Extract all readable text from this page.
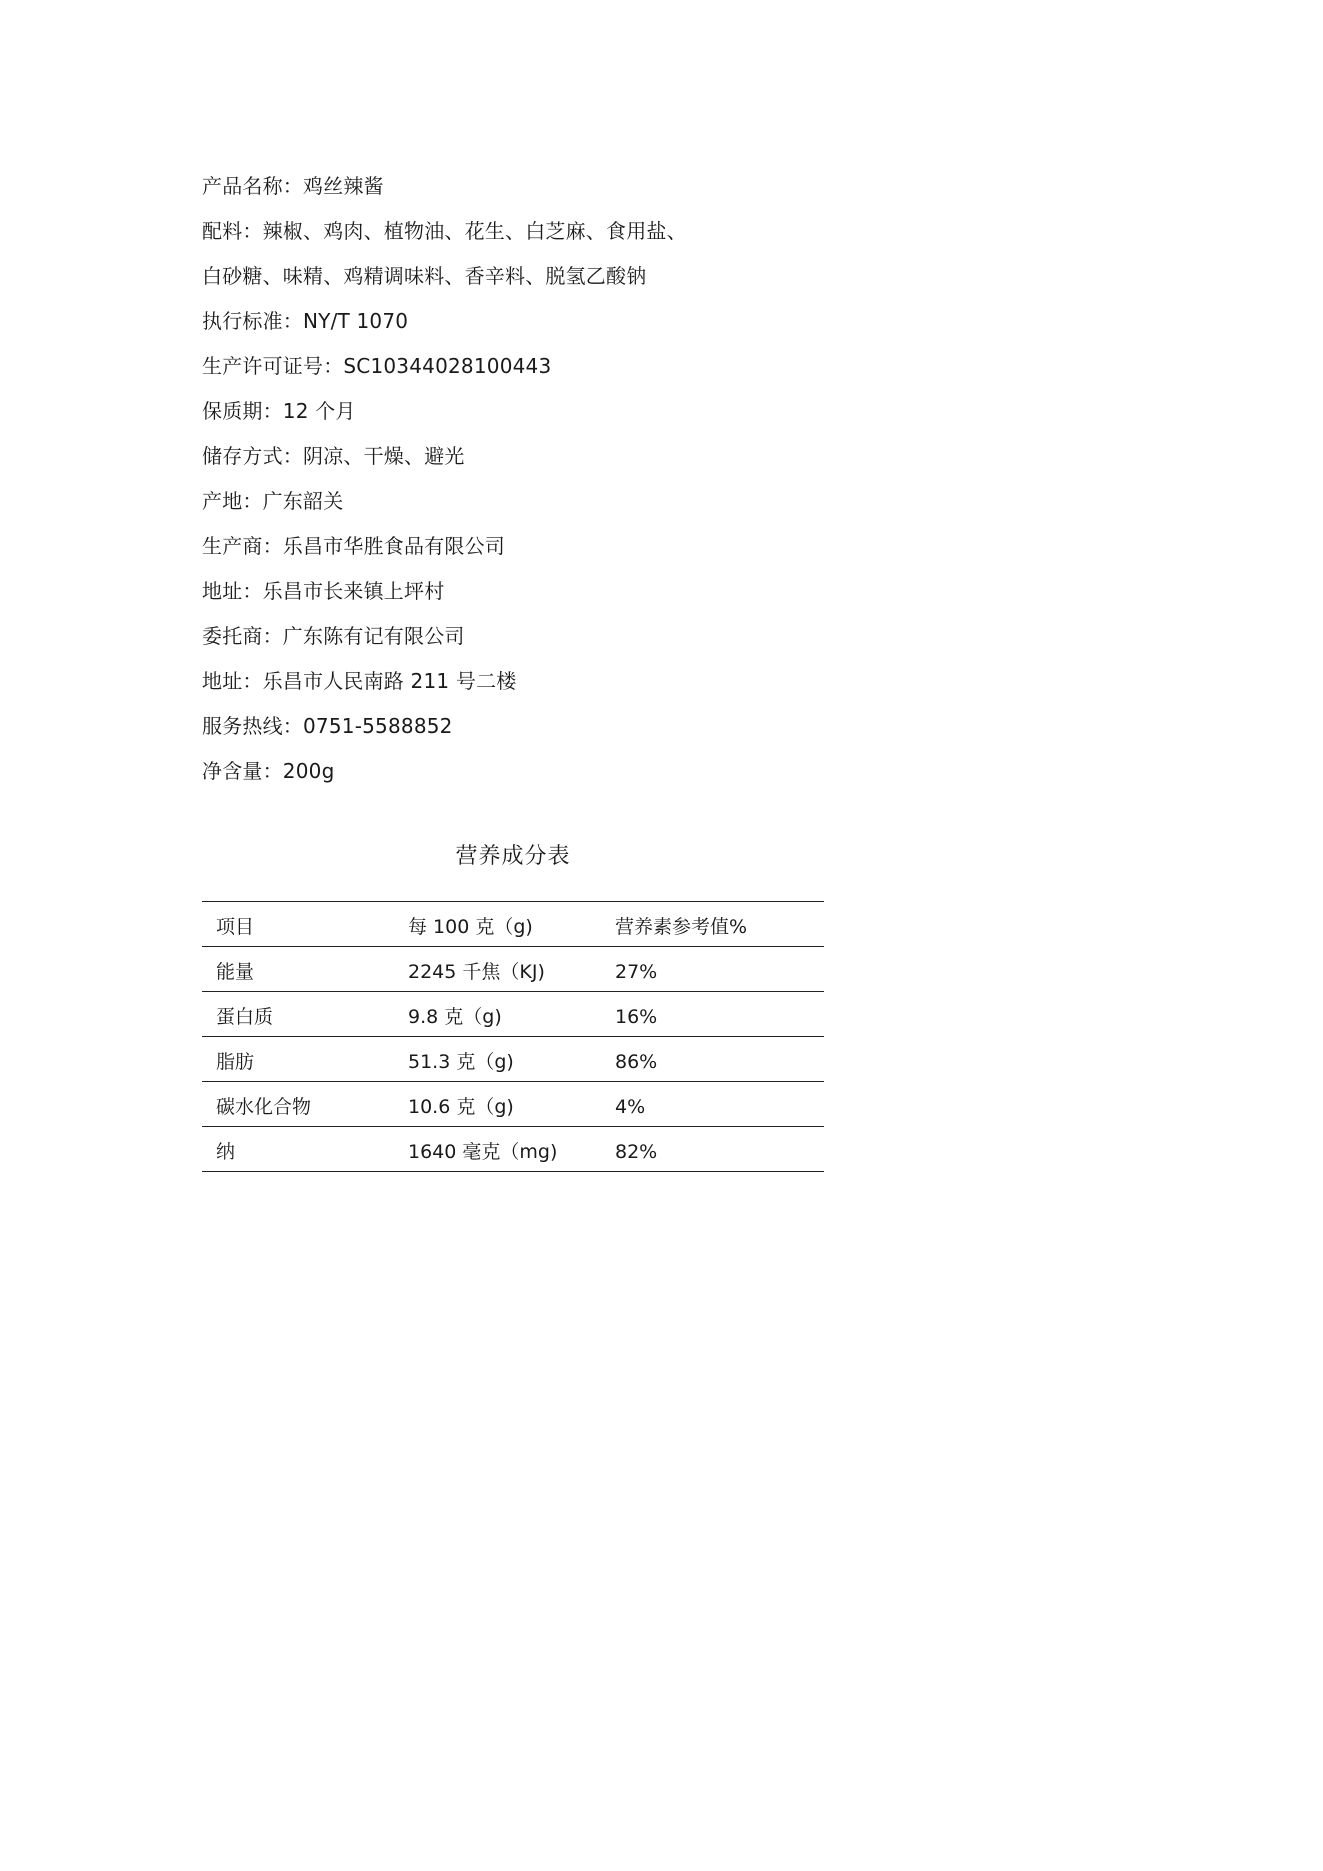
产品名称：鸡丝辣酱
配料：辣椒、鸡肉、植物油、花生、白芝麻、食用盐、
白砂糖、味精、鸡精调味料、香辛料、脱氢乙酸钠
执行标准：NY/T 1070
生产许可证号：SC10344028100443
保质期：12 个月
储存方式：阴凉、干燥、避光
产地：广东韶关
生产商：乐昌市华胜食品有限公司
地址：乐昌市长来镇上坪村
委托商：广东陈有记有限公司
地址：乐昌市人民南路 211 号二楼
服务热线：0751-5588852
净含量：200g
营养成分表
项目	每 100 克（g)	营养素参考值%
能量	2245 千焦（KJ)	27%
蛋白质	9.8 克（g)	16%
脂肪	51.3 克（g)	86%
碳水化合物	10.6 克（g)	4%
纳	1640 毫克（mg)	82%
